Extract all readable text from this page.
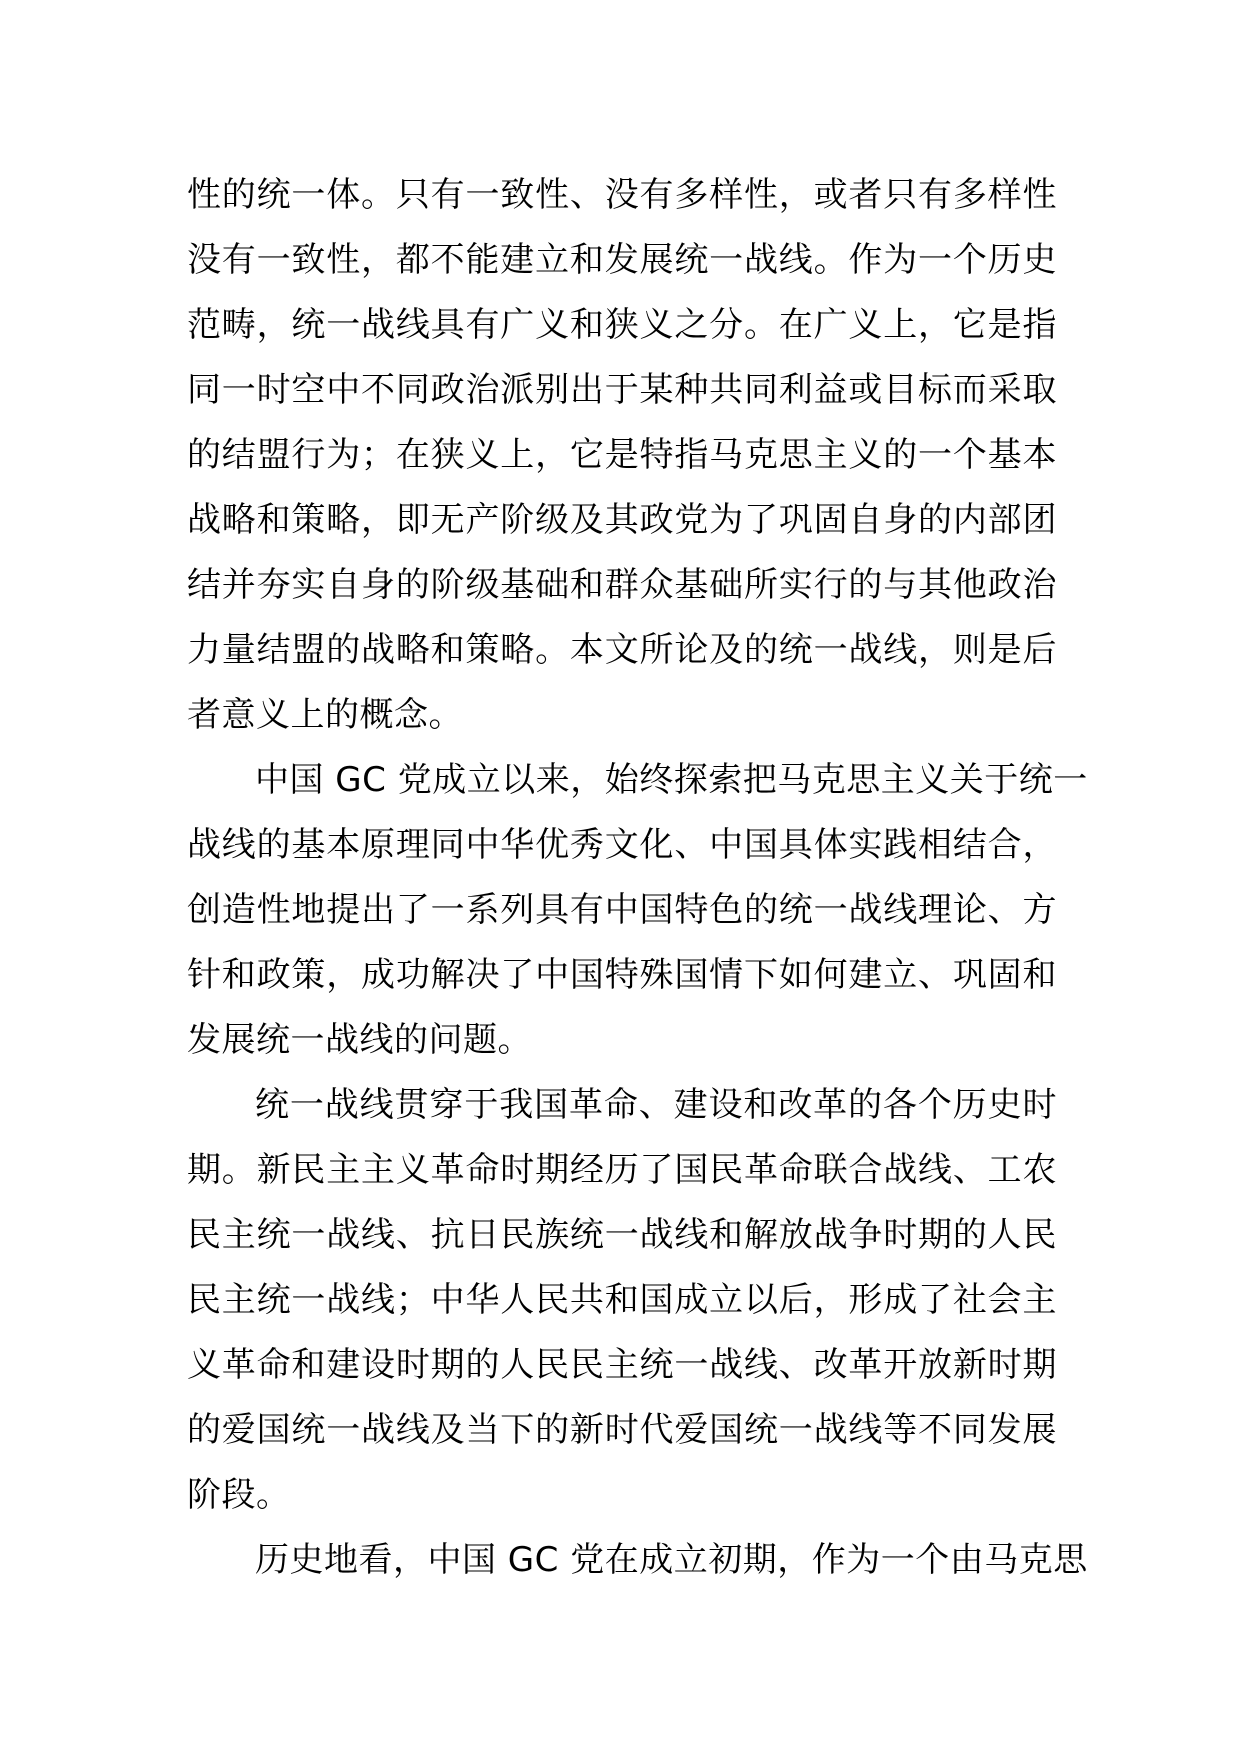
性的统一体。只有一致性、没有多样性，或者只有多样性
没有一致性，都不能建立和发展统一战线。作为一个历史
范畴，统一战线具有广义和狭义之分。在广义上，它是指
同一时空中不同政治派别出于某种共同利益或目标而采取
的结盟行为；在狭义上，它是特指马克思主义的一个基本
战略和策略，即无产阶级及其政党为了巩固自身的内部团
结并夯实自身的阶级基础和群众基础所实行的与其他政治
力量结盟的战略和策略。本文所论及的统一战线，则是后
者意义上的概念。
中国 GC 党成立以来，始终探索把马克思主义关于统一
战线的基本原理同中华优秀文化、中国具体实践相结合，
创造性地提出了一系列具有中国特色的统一战线理论、方
针和政策，成功解决了中国特殊国情下如何建立、巩固和
发展统一战线的问题。
统一战线贯穿于我国革命、建设和改革的各个历史时
期。新民主主义革命时期经历了国民革命联合战线、工农
民主统一战线、抗日民族统一战线和解放战争时期的人民
民主统一战线；中华人民共和国成立以后，形成了社会主
义革命和建设时期的人民民主统一战线、改革开放新时期
的爱国统一战线及当下的新时代爱国统一战线等不同发展
阶段。
历史地看，中国 GC 党在成立初期，作为一个由马克思
